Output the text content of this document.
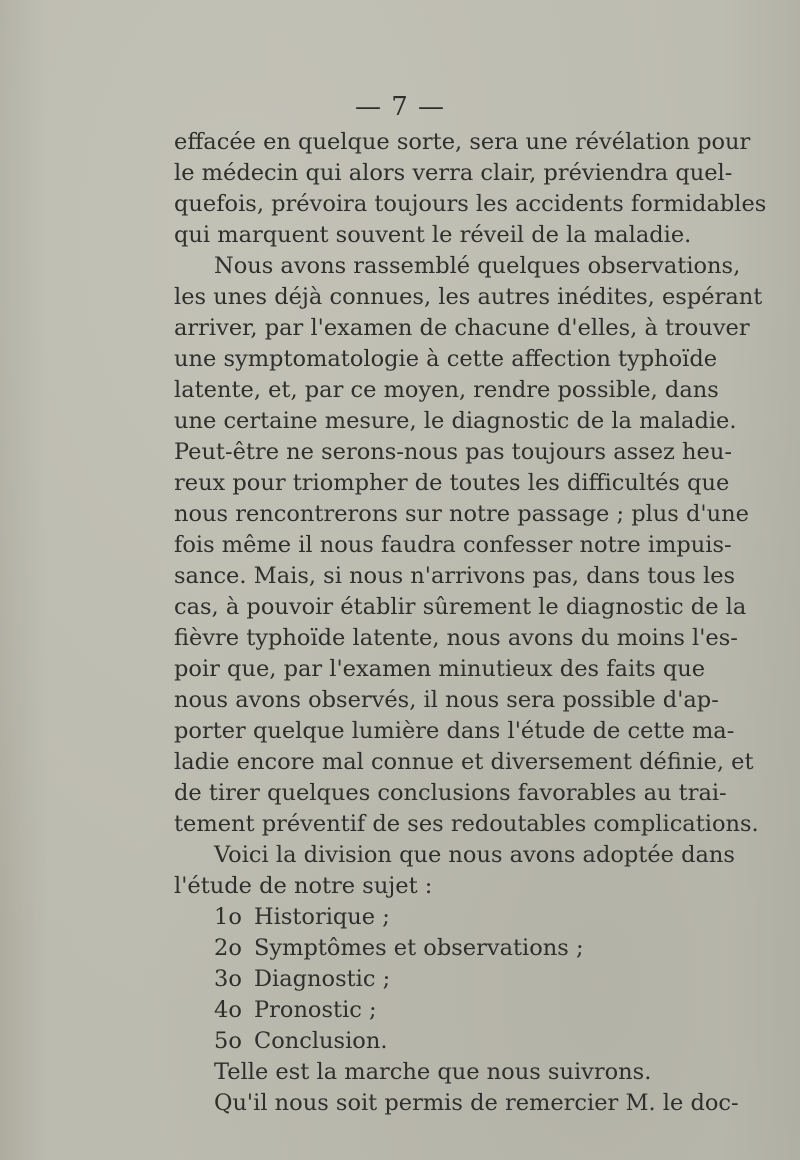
— 7 —
effacée en quelque sorte, sera une révélation pour
le médecin qui alors verra clair, préviendra quel-
quefois, prévoira toujours les accidents formidables
qui marquent souvent le réveil de la maladie.
Nous avons rassemblé quelques observations,
les unes déjà connues, les autres inédites, espérant
arriver, par l'examen de chacune d'elles, à trouver
une symptomatologie à cette affection typhoïde
latente, et, par ce moyen, rendre possible, dans
une certaine mesure, le diagnostic de la maladie.
Peut-être ne serons-nous pas toujours assez heu-
reux pour triompher de toutes les difficultés que
nous rencontrerons sur notre passage ; plus d'une
fois même il nous faudra confesser notre impuis-
sance. Mais, si nous n'arrivons pas, dans tous les
cas, à pouvoir établir sûrement le diagnostic de la
fièvre typhoïde latente, nous avons du moins l'es-
poir que, par l'examen minutieux des faits que
nous avons observés, il nous sera possible d'ap-
porter quelque lumière dans l'étude de cette ma-
ladie encore mal connue et diversement définie, et
de tirer quelques conclusions favorables au trai-
tement préventif de ses redoutables complications.
Voici la division que nous avons adoptée dans
l'étude de notre sujet :
1o Historique ;
2o Symptômes et observations ;
3o Diagnostic ;
4o Pronostic ;
5o Conclusion.
Telle est la marche que nous suivrons.
Qu'il nous soit permis de remercier M. le doc-
